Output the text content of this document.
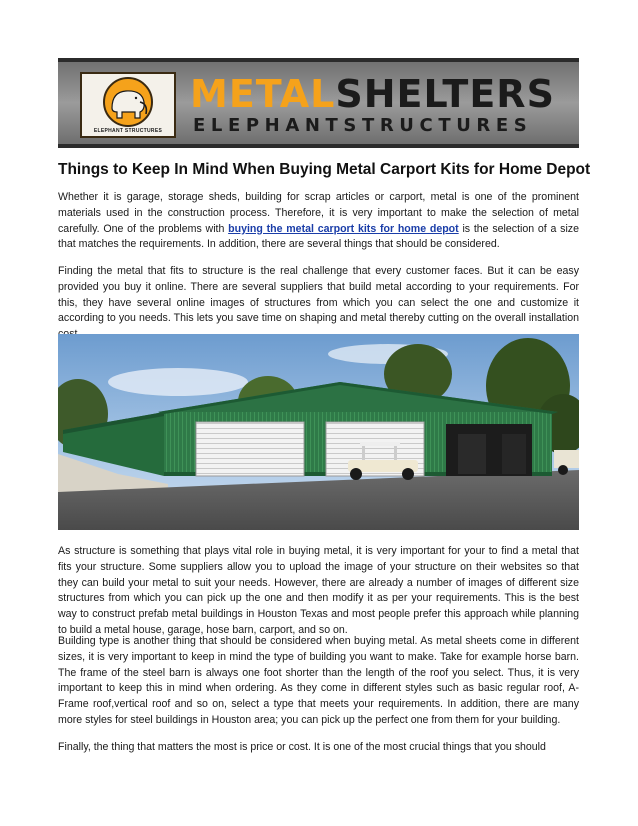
ELEPHANT STRUCTURES
METALSHELTERS
ELEPHANTSTRUCTURES
Things to Keep In Mind When Buying Metal Carport Kits for Home Depot

Whether it is garage, storage sheds, building for scrap articles or carport, metal is one of the prominent materials used in the construction process. Therefore, it is very important to make the selection of metal carefully. One of the problems with buying the metal carport kits for home depot is the selection of a size that matches the requirements. In addition, there are several things that should be considered.

Finding the metal that fits to structure is the real challenge that every customer faces. But it can be easy provided you buy it online. There are several suppliers that build metal according to your requirements. For this, they have several online images of structures from which you can select the one and customize it according to you needs. This lets you save time on shaping and metal thereby cutting on the overall installation

As structure is something that plays vital role in buying metal, it is very important for your to find a metal that fits your structure. Some suppliers allow you to upload the image of your structure on their websites so that they can build your metal to suit your needs. However, there are already a number of images of different size structures from which you can pick up the one and then modify it as per your requirements. This is the best way to construct prefab metal buildings in Houston Texas and most people prefer this approach while planning to build a metal house, garage, hose barn, carport, and so on.

Building type is another thing that should be considered when buying metal. As metal sheets come in different sizes, it is very important to keep in mind the type of building you want to make. Take for example horse barn. The frame of the steel barn is always one foot shorter than the length of the roof you select. Thus, it is very important to keep this in mind when ordering. As they come in different styles such as basic regular roof, A-Frame roof,vertical roof and so on, select a type that meets your requirements. In addition, there are many more styles for steel buildings in Houston area; you can pick up the perfect one from them for your building.

Finally, the thing that matters the most is price or cost. It is one of the most crucial things that you should
